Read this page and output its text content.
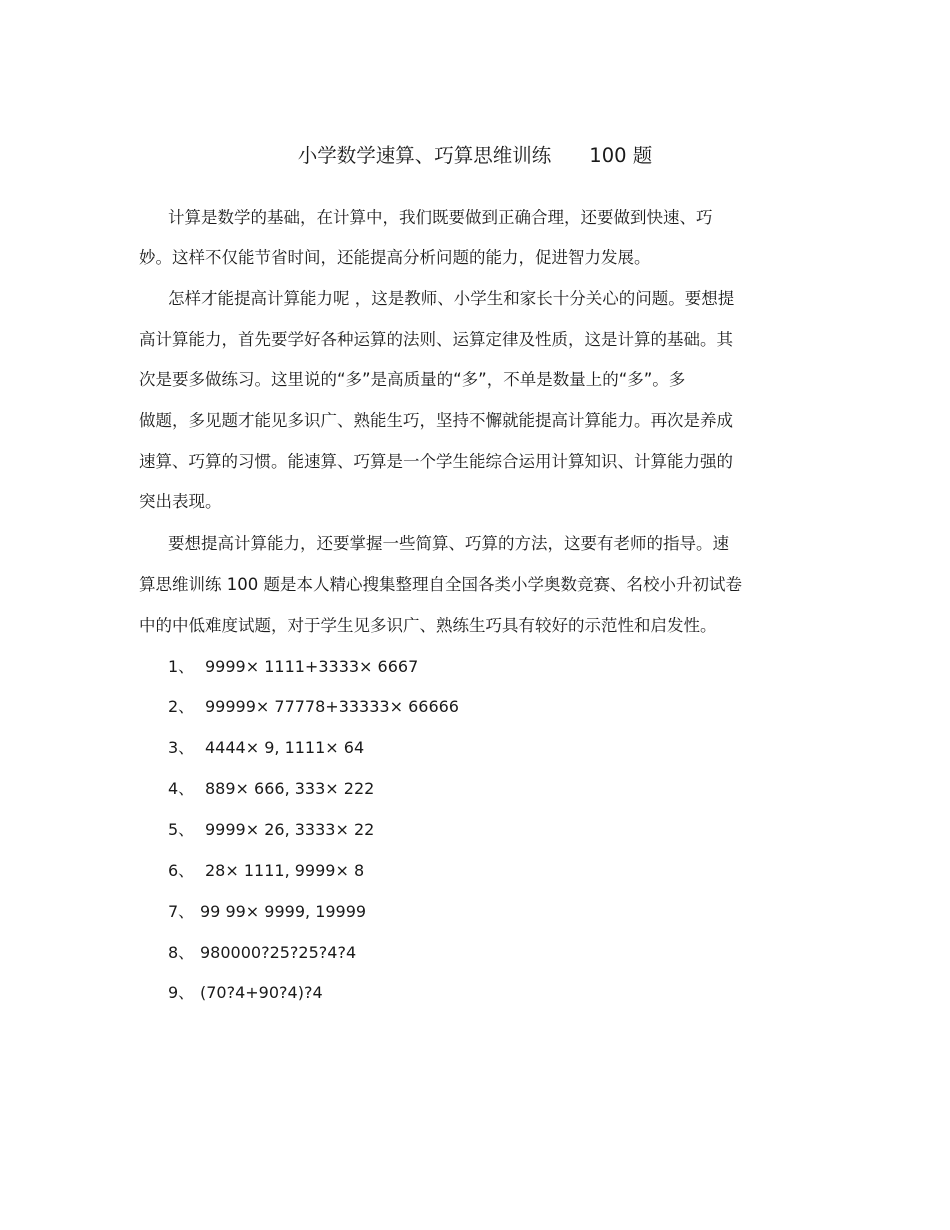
小学数学速算、巧算思维训练 100 题
计算是数学的基础，在计算中，我们既要做到正确合理，还要做到快速、巧
妙。这样不仅能节省时间，还能提高分析问题的能力，促进智力发展。
怎样才能提高计算能力呢 ，这是教师、小学生和家长十分关心的问题。要想提
高计算能力，首先要学好各种运算的法则、运算定律及性质，这是计算的基础。其
次是要多做练习。这里说的“多”是高质量的“多”，不单是数量上的“多”。多
做题，多见题才能见多识广、熟能生巧，坚持不懈就能提高计算能力。再次是养成
速算、巧算的习惯。能速算、巧算是一个学生能综合运用计算知识、计算能力强的
突出表现。
要想提高计算能力，还要掌握一些简算、巧算的方法，这要有老师的指导。速
算思维训练 100 题是本人精心搜集整理自全国各类小学奥数竞赛、名校小升初试卷
中的中低难度试题，对于学生见多识广、熟练生巧具有较好的示范性和启发性。
1、 9999× 1111+3333× 6667
2、 99999× 77778+33333× 66666
3、 4444× 9, 1111× 64
4、 889× 666, 333× 222
5、 9999× 26, 3333× 22
6、 28× 1111, 9999× 8
7、 99 99× 9999, 19999
8、 980000?25?25?4?4
9、 (70?4+90?4)?4
